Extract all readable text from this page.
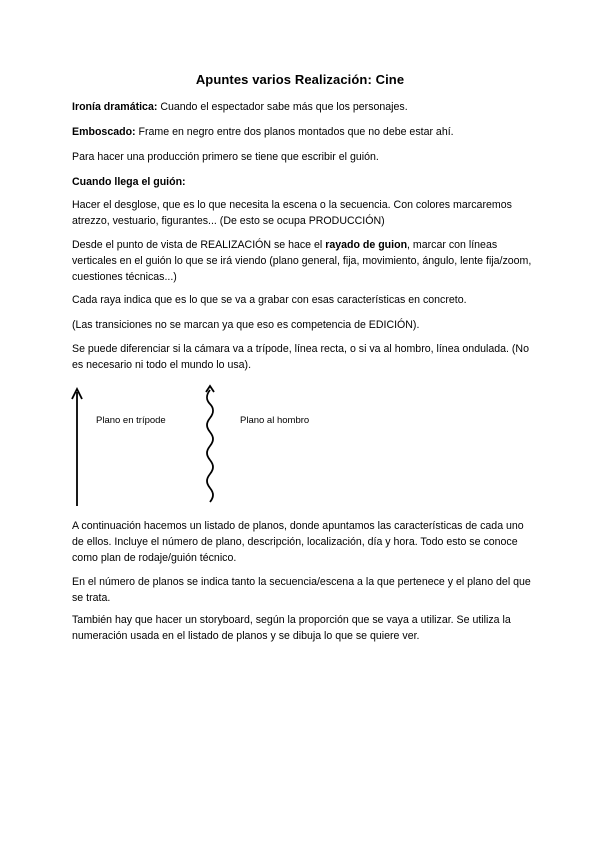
Apuntes varios Realización: Cine

Ironía dramática: Cuando el espectador sabe más que los personajes.

Emboscado: Frame en negro entre dos planos montados que no debe estar ahí.

Para hacer una producción primero se tiene que escribir el guión.

Cuando llega el guión:

Hacer el desglose, que es lo que necesita la escena o la secuencia. Con colores marcaremos atrezzo, vestuario, figurantes... (De esto se ocupa PRODUCCIÓN)

Desde el punto de vista de REALIZACIÓN se hace el rayado de guion, marcar con líneas verticales en el guión lo que se irá viendo (plano general, fija, movimiento, ángulo, lente fija/zoom, cuestiones técnicas...)

Cada raya indica que es lo que se va a grabar con esas características en concreto.

(Las transiciones no se marcan ya que eso es competencia de EDICIÓN).

Se puede diferenciar si la cámara va a trípode, línea recta, o si va al hombro, línea ondulada. (No es necesario ni todo el mundo lo usa).

Plano en trípode	Plano al hombro

A continuación hacemos un listado de planos, donde apuntamos las características de cada uno de ellos. Incluye el número de plano, descripción, localización, día y hora. Todo esto se conoce como plan de rodaje/guión técnico.

En el número de planos se indica tanto la secuencia/escena a la que pertenece y el plano del que se trata.

También hay que hacer un storyboard, según la proporción que se vaya a utilizar. Se utiliza la numeración usada en el listado de planos y se dibuja lo que se quiere ver.
